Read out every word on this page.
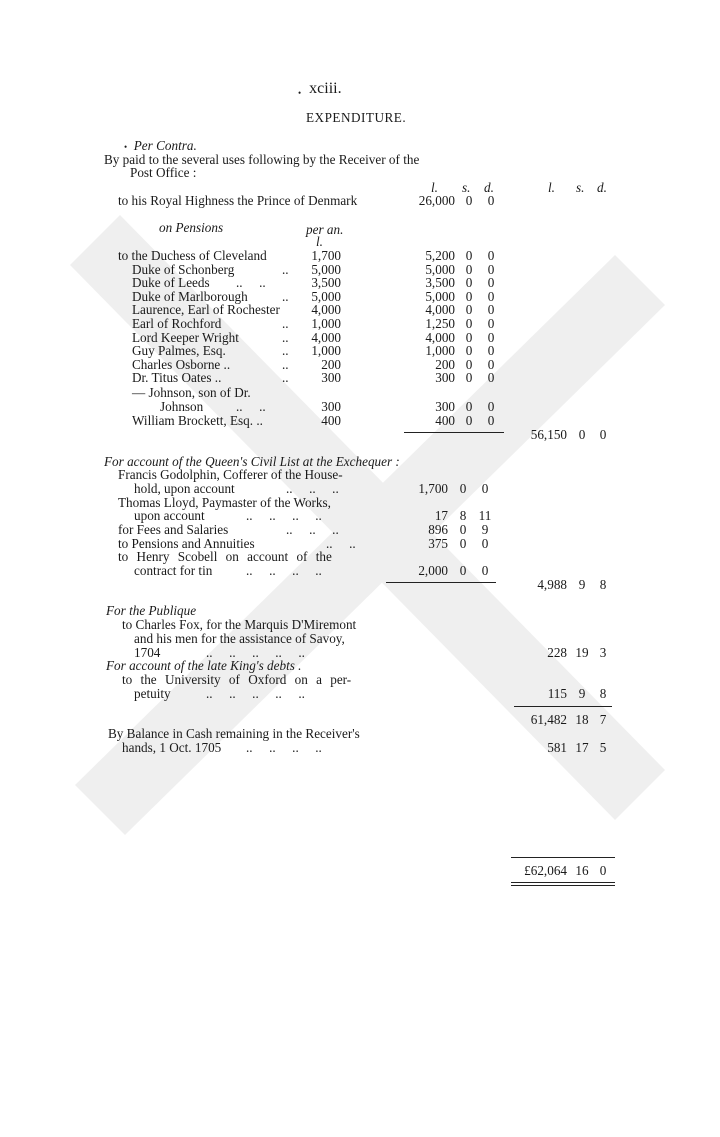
• xciii.
EXPENDITURE.
• Per Contra.
By paid to the several uses following by the Receiver of the
Post Office :
l. s. d.	l. s. d.
to his Royal Highness the Prince of Denmark	26,000 0 0
on Pensions	per an.
l.
to the Duchess of Cleveland	1,700	5,200 0 0
Duke of Schonberg	..	5,000	5,000 0 0
Duke of Leeds ..     ..	3,500	3,500 0 0
Duke of Marlborough	..	5,000	5,000 0 0
Laurence, Earl of Rochester	4,000	4,000 0 0
Earl of Rochford	..	1,000	1,250 0 0
Lord Keeper Wright	..	4,000	4,000 0 0
Guy Palmes, Esq.	..	1,000	1,000 0 0
Charles Osborne ..	..	200	200 0 0
Dr. Titus Oates ..	..	300	300 0 0
— Johnson, son of Dr.
Johnson ..     ..	300	300 0 0
William Brockett, Esq. ..	400	400 0 0
56,150 0	0
For account of the Queen's Civil List at the Exchequer :
Francis Godolphin, Cofferer of the House-
hold, upon account	..     ..     ..	1,700 0 0
Thomas Lloyd, Paymaster of the Works,
upon account	..     ..     ..     ..	17 8 11
for Fees and Salaries	..     ..     ..	896 0 9
to Pensions and Annuities	..     ..	375 0 0
to Henry Scobell on account of the
contract for tin	..     ..     ..     ..	2,000 0 0
4,988 9	8
For the Publique
to Charles Fox, for the Marquis D'Miremont
and his men for the assistance of Savoy,
1704	..     ..     ..     ..     ..	228 19 3
For account of the late King's debts .
to the University of Oxford on a per-
petuity	..     ..     ..     ..     ..	115 9	8
61,482 18 7
By Balance in Cash remaining in the Receiver's
hands, 1 Oct. 1705 ..     ..     ..     ..	581 17 5
£62,064 16 0
